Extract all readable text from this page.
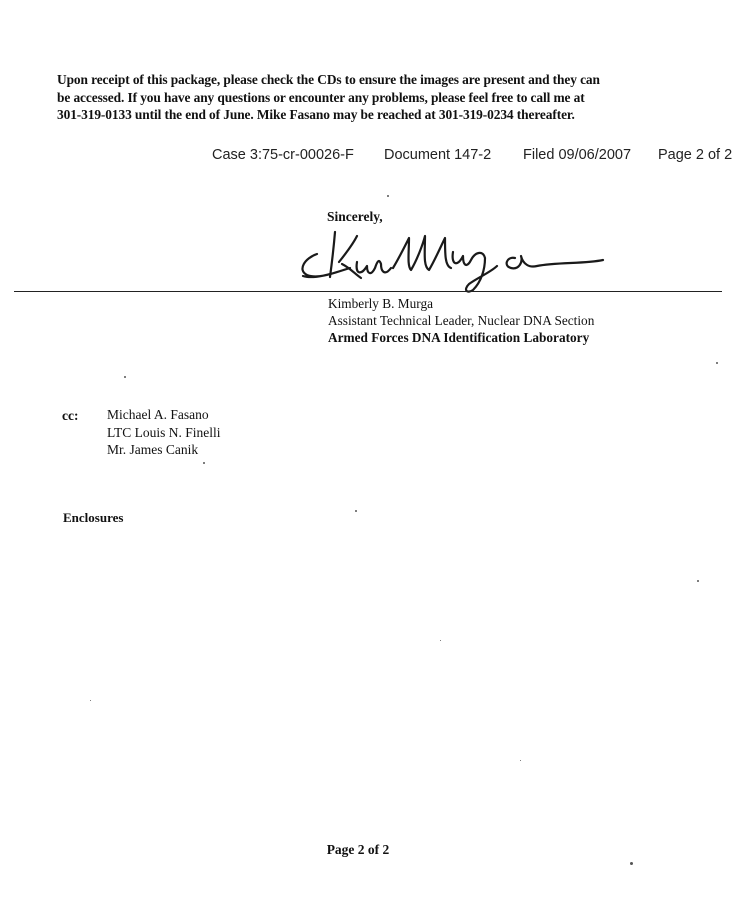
Upon receipt of this package, please check the CDs to ensure the images are present and they can
be accessed. If you have any questions or encounter any problems, please feel free to call me at
301-319-0133 until the end of June. Mike Fasano may be reached at 301-319-0234 thereafter.
Case 3:75-cr-00026-F Document 147-2 Filed 09/06/2007 Page 2 of 2
Sincerely,
Kimberly B. Murga
Assistant Technical Leader, Nuclear DNA Section
Armed Forces DNA Identification Laboratory
cc: Michael A. Fasano
LTC Louis N. Finelli
Mr. James Canik
Enclosures
Page 2 of 2
